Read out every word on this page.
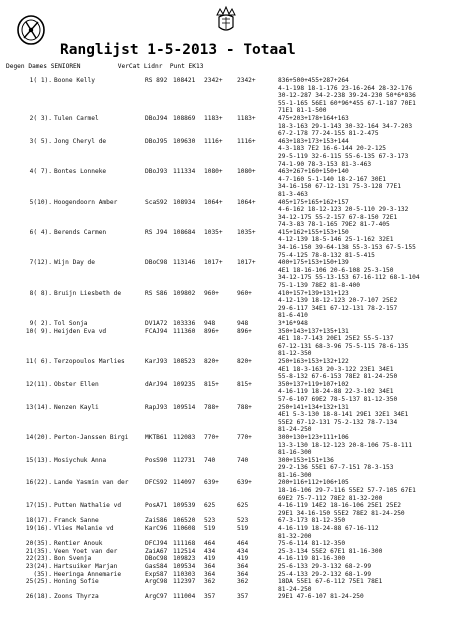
Ranglijst 1-5-2013 - Totaal
Degen Dames SENIOREN          VerCat Lidnr  Punt EK13
1( 1). Boone Kelly	RS 892 108421 2342+ 2342+	836+500+455+287+264
4-1-198 18-1-176 23-16-264 28-32-176
30-12-287 34-2-238 39-24-230 50*6*836
55-1-165 56E1 60*96*455 67-1-187 70E1
71E1 81-1-500
2( 3). Tulen Carmel	DBoJ94 108869 1183+ 1183+	475+203+178+164+163
18-3-163 29-1-143 30-32-164 34-7-203
67-2-178 77-24-155 81-2-475
3( 5). Jong Cheryl de	DBoJ95 109630 1116+ 1116+	463+183+173+153+144
4-3-183 7E2 16-6-144 20-2-125
29-5-119 32-6-115 55-6-135 67-3-173
74-1-90 78-3-153 81-3-463
4( 7). Bontes Lonneke	DBoJ93 111334 1080+ 1080+	463+267+160+150+140
4-7-160 5-1-140 18-2-167 30E1
34-16-150 67-12-131 75-3-128 77E1
81-3-463
5(10). Hoogendoorn Amber	ScaS92 108934 1064+ 1064+	405+175+165+162+157
4-6-162 18-12-123 20-5-110 29-3-132
34-12-175 55-2-157 67-8-150 72E1
74-3-83 78-1-165 79E2 81-7-405
6( 4). Berends Carmen	RS J94 108684 1035+ 1035+	415+162+155+153+150
4-12-139 18-5-146 25-1-162 32E1
34-16-150 39-64-138 55-3-153 67-5-155
75-4-125 78-8-132 81-5-415
7(12). Wijn Day de	DBoC98 113146 1017+ 1017+	400+175+153+150+139
4E1 18-16-106 20-6-108 25-3-150
34-12-175 55-13-153 67-16-112 68-1-104
75-1-139 78E2 81-8-400
8( 8). Bruijn Liesbeth de	RS S86 109802 960+	960+	410+157+139+131+123
4-12-139 18-12-123 20-7-107 25E2
29-6-117 34E1 67-12-131 78-2-157
81-6-410
9( 2). Tol Sonja	DV1A72 103336 948	948	3*16*948
10( 9). Heijden Eva vd	FCAJ94 111360 896+	896+	350+143+137+135+131
4E1 18-7-143 20E1 25E2 55-5-137
67-12-131 68-3-96 75-5-115 78-6-135
81-12-350
11( 6). Terzopoulos Marlies	KarJ93 108523 820+	820+	250+163+153+132+122
4E1 18-3-163 20-3-122 23E1 34E1
55-8-132 67-6-153 78E2 81-24-250
12(11). Obster Ellen	dArJ94 109235 815+	815+	350+137+119+107+102
4-16-119 18-24-88 22-3-102 34E1
57-6-107 69E2 78-5-137 81-12-350
13(14). Nenzen Kayli	RapJ93 109514 788+	788+	250+141+134+132+131
4E1 5-3-130 18-8-141 29E1 32E1 34E1
55E2 67-12-131 75-2-132 78-7-134
81-24-250
14(20). Perton-Janssen Birgi	MKTB61 112083 770+	770+	300+130+123+111+106
13-3-130 18-12-123 20-8-106 75-8-111
81-16-300
15(13). Mosiychuk Anna	PosS90 112731 740	740	300+153+151+136
29-2-136 55E1 67-7-151 78-3-153
81-16-300
16(22). Lande Yasmin van der	DFCS92 114097 639+	639+	200+116+112+106+105
18-16-106 29-7-116 55E2 57-7-105 67E1
69E2 75-7-112 78E2 81-32-200
17(15). Putten Nathalie vd	PosA71 109539 625	625	4-16-119 14E2 18-16-106 25E1 25E2
29E1 34-16-150 55E2 78E2 81-24-250
18(17). Franck Sanne	ZaiS86 106520 523	523	67-3-173 81-12-350
19(16). Vlies Melanie vd	KarC96 110608 519	519	4-16-119 18-24-88 67-16-112
81-32-200
20(35). Rentier Anouk	DFCJ94 111168 464	464	75-6-114 81-12-350
21(35). Veen Yoet van der	ZaiA67 112514 434	434	25-3-134 55E2 67E1 81-16-300
22(23). Bon Svenja	DBoC98 109823 419	419	4-16-119 81-16-300
23(24). Hartsuiker Marjan	GasS84 109534 364	364	25-6-133 29-3-132 68-2-99
(35). Heeringa Annemarie	ExpS87 110303 364	364	25-4-133 29-2-132 68-1-99
25(25). Honing Sofie	ArgC98 112397 362	362	18DA 55E1 67-6-112 75E1 78E1
81-24-250
26(18). Zoons Thyrza	ArgC97 111004 357	357	29E1 47-6-107 81-24-250
